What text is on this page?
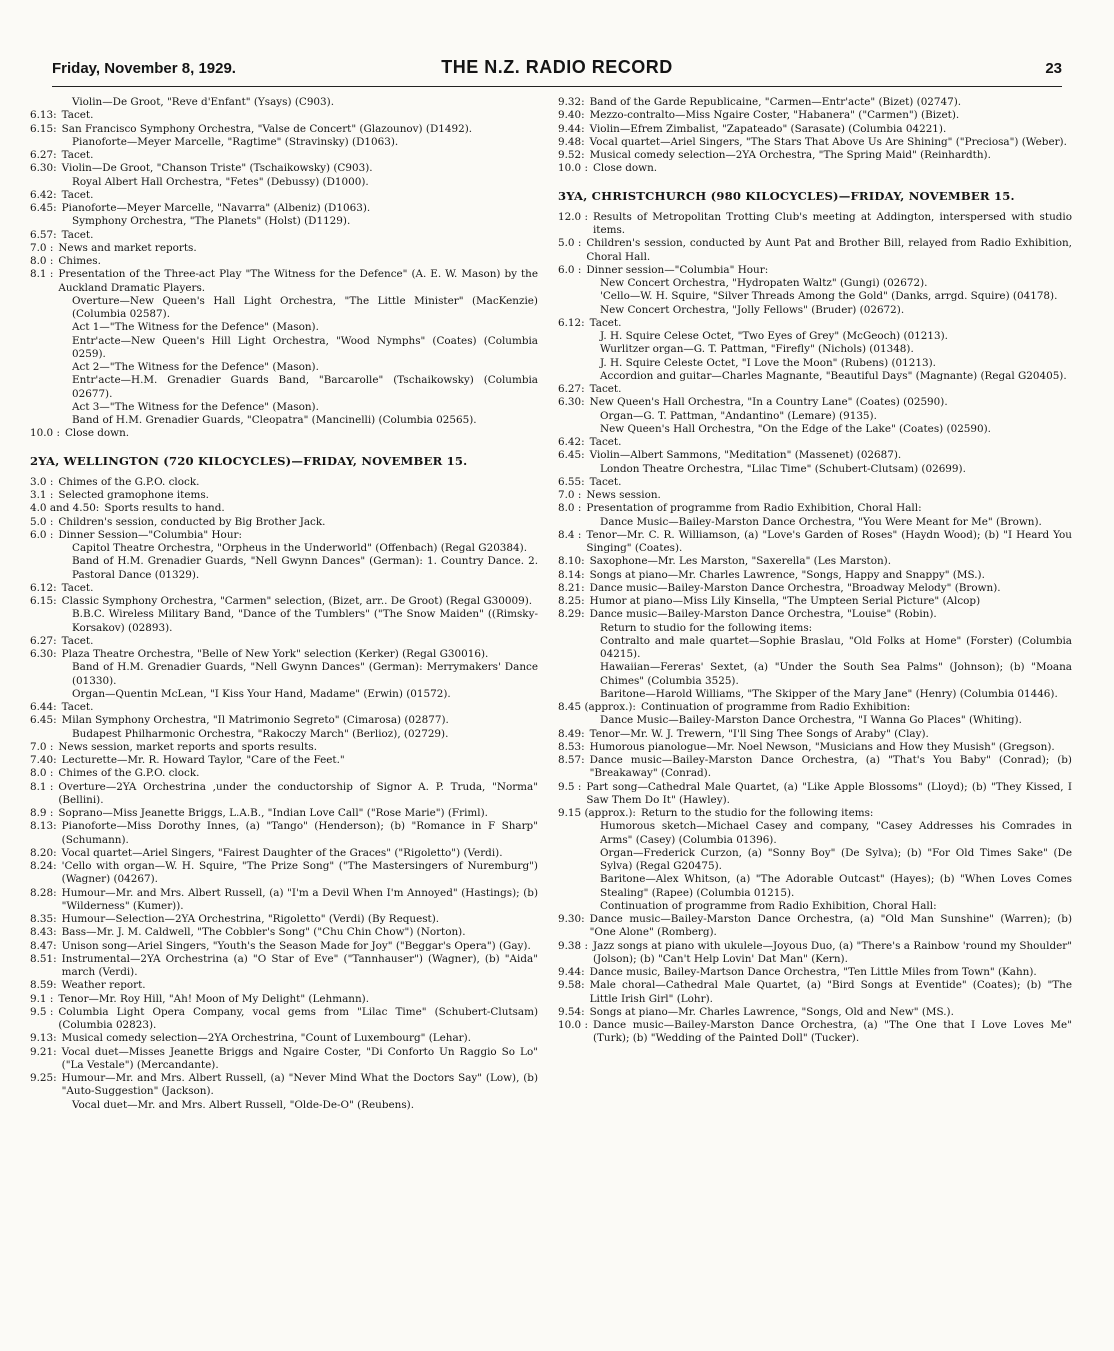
Friday, November 8, 1929.	THE N.Z. RADIO RECORD	23
Violin—De Groot, "Reve d'Enfant" (Ysays) (C903).
6.13: Tacet.
6.15: San Francisco Symphony Orchestra, "Valse de Concert" (Glazounov) (D1492).
Pianoforte—Meyer Marcelle, "Ragtime" (Stravinsky) (D1063).
6.27: Tacet.
6.30: Violin—De Groot, "Chanson Triste" (Tschaikowsky) (C903).
Royal Albert Hall Orchestra, "Fetes" (Debussy) (D1000).
6.42: Tacet.
6.45: Pianoforte—Meyer Marcelle, "Navarra" (Albeniz) (D1063).
Symphony Orchestra, "The Planets" (Holst) (D1129).
6.57: Tacet.
7.0 : News and market reports.
8.0 : Chimes.
8.1 : Presentation of the Three-act Play "The Witness for the Defence" (A. E. W. Mason) by the Auckland Dramatic Players.
Overture—New Queen's Hall Light Orchestra, "The Little Minister" (MacKenzie) (Columbia 02587).
Act 1—"The Witness for the Defence" (Mason).
Entr'acte—New Queen's Hill Light Orchestra, "Wood Nymphs" (Coates) (Columbia 0259).
Act 2—"The Witness for the Defence" (Mason).
Entr'acte—H.M. Grenadier Guards Band, "Barcarolle" (Tschaikowsky) (Columbia 02677).
Act 3—"The Witness for the Defence" (Mason).
Band of H.M. Grenadier Guards, "Cleopatra" (Mancinelli) (Columbia 02565).
10.0 : Close down.
2YA, WELLINGTON (720 KILOCYCLES)—FRIDAY, NOVEMBER 15.
3.0 : Chimes of the G.P.O. clock.
3.1 : Selected gramophone items.
4.0 and 4.50: Sports results to hand.
5.0 : Children's session, conducted by Big Brother Jack.
6.0 : Dinner Session—"Columbia" Hour:
Capitol Theatre Orchestra, "Orpheus in the Underworld" (Offenbach) (Regal G20384).
Band of H.M. Grenadier Guards, "Nell Gwynn Dances" (German): 1. Country Dance. 2. Pastoral Dance (01329).
6.12: Tacet.
6.15: Classic Symphony Orchestra, "Carmen" selection, (Bizet, arr.. De Groot) (Regal G30009).
B.B.C. Wireless Military Band, "Dance of the Tumblers" ("The Snow Maiden" ((Rimsky-Korsakov) (02893).
6.27: Tacet.
6.30: Plaza Theatre Orchestra, "Belle of New York" selection (Kerker) (Regal G30016).
Band of H.M. Grenadier Guards, "Nell Gwynn Dances" (German): Merrymakers' Dance (01330).
Organ—Quentin McLean, "I Kiss Your Hand, Madame" (Erwin) (01572).
6.44: Tacet.
6.45: Milan Symphony Orchestra, "Il Matrimonio Segreto" (Cimarosa) (02877).
Budapest Philharmonic Orchestra, "Rakoczy March" (Berlioz), (02729).
7.0 : News session, market reports and sports results.
7.40: Lecturette—Mr. R. Howard Taylor, "Care of the Feet."
8.0 : Chimes of the G.P.O. clock.
8.1 : Overture—2YA Orchestrina ,under the conductorship of Signor A. P. Truda, "Norma" (Bellini).
8.9 : Soprano—Miss Jeanette Briggs, L.A.B., "Indian Love Call" ("Rose Marie") (Friml).
8.13: Pianoforte—Miss Dorothy Innes, (a) "Tango" (Henderson); (b) "Romance in F Sharp" (Schumann).
8.20: Vocal quartet—Ariel Singers, "Fairest Daughter of the Graces" ("Rigoletto") (Verdi).
8.24: 'Cello with organ—W. H. Squire, "The Prize Song" ("The Mastersingers of Nuremburg") (Wagner) (04267).
8.28: Humour—Mr. and Mrs. Albert Russell, (a) "I'm a Devil When I'm Annoyed" (Hastings); (b) "Wilderness" (Kumer)).
8.35: Humour—Selection—2YA Orchestrina, "Rigoletto" (Verdi) (By Request).
8.43: Bass—Mr. J. M. Caldwell, "The Cobbler's Song" ("Chu Chin Chow") (Norton).
8.47: Unison song—Ariel Singers, "Youth's the Season Made for Joy" ("Beggar's Opera") (Gay).
8.51: Instrumental—2YA Orchestrina (a) "O Star of Eve" ("Tannhauser") (Wagner), (b) "Aida" march (Verdi).
8.59: Weather report.
9.1 : Tenor—Mr. Roy Hill, "Ah! Moon of My Delight" (Lehmann).
9.5 : Columbia Light Opera Company, vocal gems from "Lilac Time" (Schubert-Clutsam) (Columbia 02823).
9.13: Musical comedy selection—2YA Orchestrina, "Count of Luxembourg" (Lehar).
9.21: Vocal duet—Misses Jeanette Briggs and Ngaire Coster, "Di Conforto Un Raggio So Lo" ("La Vestale") (Mercandante).
9.25: Humour—Mr. and Mrs. Albert Russell, (a) "Never Mind What the Doctors Say" (Low), (b) "Auto-Suggestion" (Jackson).
Vocal duet—Mr. and Mrs. Albert Russell, "Olde-De-O" (Reubens).
9.32: Band of the Garde Republicaine, "Carmen—Entr'acte" (Bizet) (02747).
9.40: Mezzo-contralto—Miss Ngaire Coster, "Habanera" ("Carmen") (Bizet).
9.44: Violin—Efrem Zimbalist, "Zapateado" (Sarasate) (Columbia 04221).
9.48: Vocal quartet—Ariel Singers, "The Stars That Above Us Are Shining" ("Preciosa") (Weber).
9.52: Musical comedy selection—2YA Orchestra, "The Spring Maid" (Reinhardth).
10.0 : Close down.
3YA, CHRISTCHURCH (980 KILOCYCLES)—FRIDAY, NOVEMBER 15.
12.0 : Results of Metropolitan Trotting Club's meeting at Addington, interspersed with studio items.
5.0 : Children's session, conducted by Aunt Pat and Brother Bill, relayed from Radio Exhibition, Choral Hall.
6.0 : Dinner session—"Columbia" Hour:
New Concert Orchestra, "Hydropaten Waltz" (Gungi) (02672).
'Cello—W. H. Squire, "Silver Threads Among the Gold" (Danks, arrgd. Squire) (04178).
New Concert Orchestra, "Jolly Fellows" (Bruder) (02672).
6.12: Tacet.
J. H. Squire Celese Octet, "Two Eyes of Grey" (McGeoch) (01213).
Wurlitzer organ—G. T. Pattman, "Firefly" (Nichols) (01348).
J. H. Squire Celeste Octet, "I Love the Moon" (Rubens) (01213).
Accordion and guitar—Charles Magnante, "Beautiful Days" (Magnante) (Regal G20405).
6.27: Tacet.
6.30: New Queen's Hall Orchestra, "In a Country Lane" (Coates) (02590).
Organ—G. T. Pattman, "Andantino" (Lemare) (9135).
New Queen's Hall Orchestra, "On the Edge of the Lake" (Coates) (02590).
6.42: Tacet.
6.45: Violin—Albert Sammons, "Meditation" (Massenet) (02687).
London Theatre Orchestra, "Lilac Time" (Schubert-Clutsam) (02699).
6.55: Tacet.
7.0 : News session.
8.0 : Presentation of programme from Radio Exhibition, Choral Hall:
Dance Music—Bailey-Marston Dance Orchestra, "You Were Meant for Me" (Brown).
8.4 : Tenor—Mr. C. R. Williamson, (a) "Love's Garden of Roses" (Haydn Wood); (b) "I Heard You Singing" (Coates).
8.10: Saxophone—Mr. Les Marston, "Saxerella" (Les Marston).
8.14: Songs at piano—Mr. Charles Lawrence, "Songs, Happy and Snappy" (MS.).
8.21: Dance music—Bailey-Marston Dance Orchestra, "Broadway Melody" (Brown).
8.25: Humor at piano—Miss Lily Kinsella, "The Umpteen Serial Picture" (Alcop)
8.29: Dance music—Bailey-Marston Dance Orchestra, "Louise" (Robin).
Return to studio for the following items:
Contralto and male quartet—Sophie Braslau, "Old Folks at Home" (Forster) (Columbia 04215).
Hawaiian—Fereras' Sextet, (a) "Under the South Sea Palms" (Johnson); (b) "Moana Chimes" (Columbia 3525).
Baritone—Harold Williams, "The Skipper of the Mary Jane" (Henry) (Columbia 01446).
8.45 (approx.): Continuation of programme from Radio Exhibition:
Dance Music—Bailey-Marston Dance Orchestra, "I Wanna Go Places" (Whiting).
8.49: Tenor—Mr. W. J. Trewern, "I'll Sing Thee Songs of Araby" (Clay).
8.53: Humorous pianologue—Mr. Noel Newson, "Musicians and How they Musish" (Gregson).
8.57: Dance music—Bailey-Marston Dance Orchestra, (a) "That's You Baby" (Conrad); (b) "Breakaway" (Conrad).
9.5 : Part song—Cathedral Male Quartet, (a) "Like Apple Blossoms" (Lloyd); (b) "They Kissed, I Saw Them Do It" (Hawley).
9.15 (approx.): Return to the studio for the following items:
Humorous sketch—Michael Casey and company, "Casey Addresses his Comrades in Arms" (Casey) (Columbia 01396).
Organ—Frederick Curzon, (a) "Sonny Boy" (De Sylva); (b) "For Old Times Sake" (De Sylva) (Regal G20475).
Baritone—Alex Whitson, (a) "The Adorable Outcast" (Hayes); (b) "When Loves Comes Stealing" (Rapee) (Columbia 01215).
Continuation of programme from Radio Exhibition, Choral Hall:
9.30: Dance music—Bailey-Marston Dance Orchestra, (a) "Old Man Sunshine" (Warren); (b) "One Alone" (Romberg).
9.38 : Jazz songs at piano with ukulele—Joyous Duo, (a) "There's a Rainbow 'round my Shoulder" (Jolson); (b) "Can't Help Lovin' Dat Man" (Kern).
9.44: Dance music, Bailey-Martson Dance Orchestra, "Ten Little Miles from Town" (Kahn).
9.58: Male choral—Cathedral Male Quartet, (a) "Bird Songs at Eventide" (Coates); (b) "The Little Irish Girl" (Lohr).
9.54: Songs at piano—Mr. Charles Lawrence, "Songs, Old and New" (MS.).
10.0 : Dance music—Bailey-Marston Dance Orchestra, (a) "The One that I Love Loves Me" (Turk); (b) "Wedding of the Painted Doll" (Tucker).
